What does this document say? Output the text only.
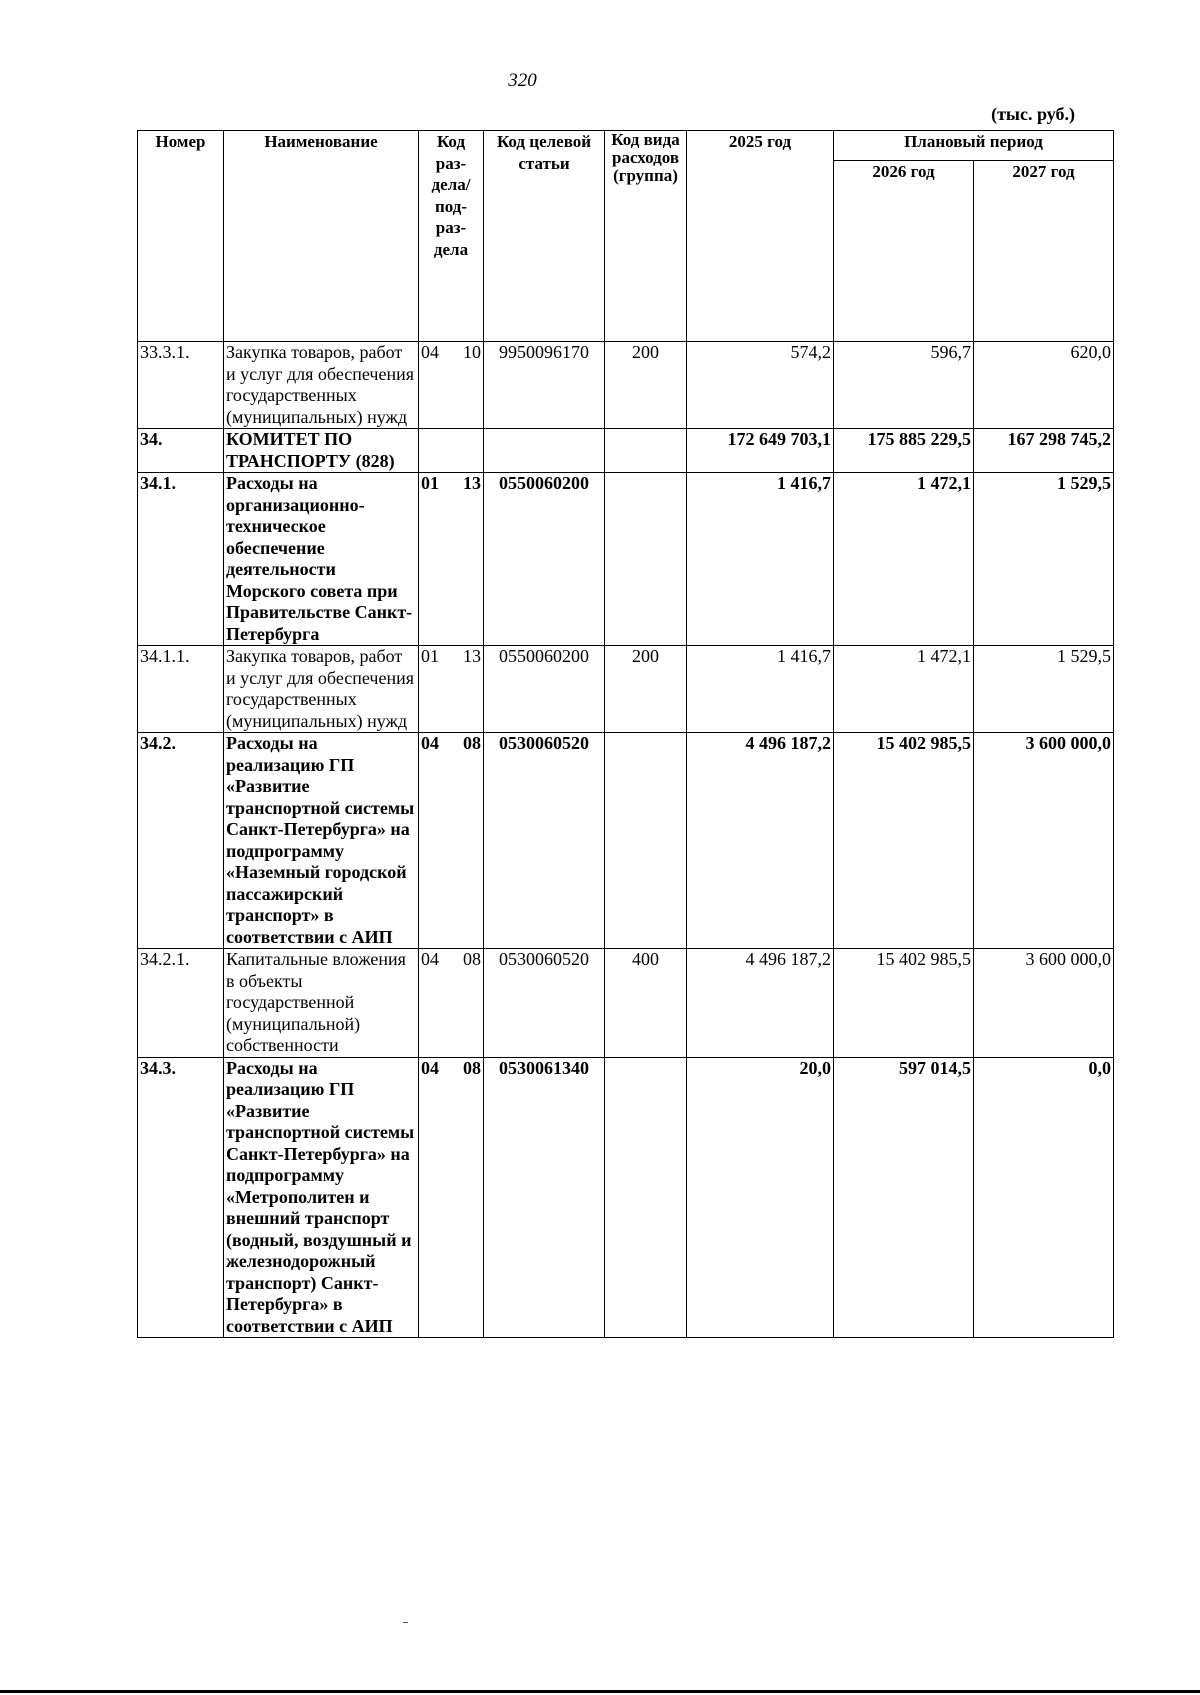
320
(тыс. руб.)
Номер	Наименование	Код раз-дела/ под-раз-дела	Код целевой статьи	Код вида расходов (группа)	2025 год	Плановый период	
						2026 год	2027 год
33.3.1.	Закупка товаров, работ и услуг для обеспечения государственных (муниципальных) нужд	04 10	9950096170	200	574,2	596,7	620,0
34.	КОМИТЕТ ПО ТРАНСПОРТУ (828)				172 649 703,1	175 885 229,5	167 298 745,2
34.1.	Расходы на организационно-техническое обеспечение деятельности Морского совета при Правительстве Санкт-Петербурга	01 13	0550060200		1 416,7	1 472,1	1 529,5
34.1.1.	Закупка товаров, работ и услуг для обеспечения государственных (муниципальных) нужд	01 13	0550060200	200	1 416,7	1 472,1	1 529,5
34.2.	Расходы на реализацию ГП «Развитие транспортной системы Санкт-Петербурга» на подпрограмму «Наземный городской пассажирский транспорт» в соответствии с АИП	04 08	0530060520		4 496 187,2	15 402 985,5	3 600 000,0
34.2.1.	Капитальные вложения в объекты государственной (муниципальной) собственности	04 08	0530060520	400	4 496 187,2	15 402 985,5	3 600 000,0
34.3.	Расходы на реализацию ГП «Развитие транспортной системы Санкт-Петербурга» на подпрограмму «Метрополитен и внешний транспорт (водный, воздушный и железнодорожный транспорт) Санкт-Петербурга» в соответствии с АИП	04 08	0530061340		20,0	597 014,5	0,0
